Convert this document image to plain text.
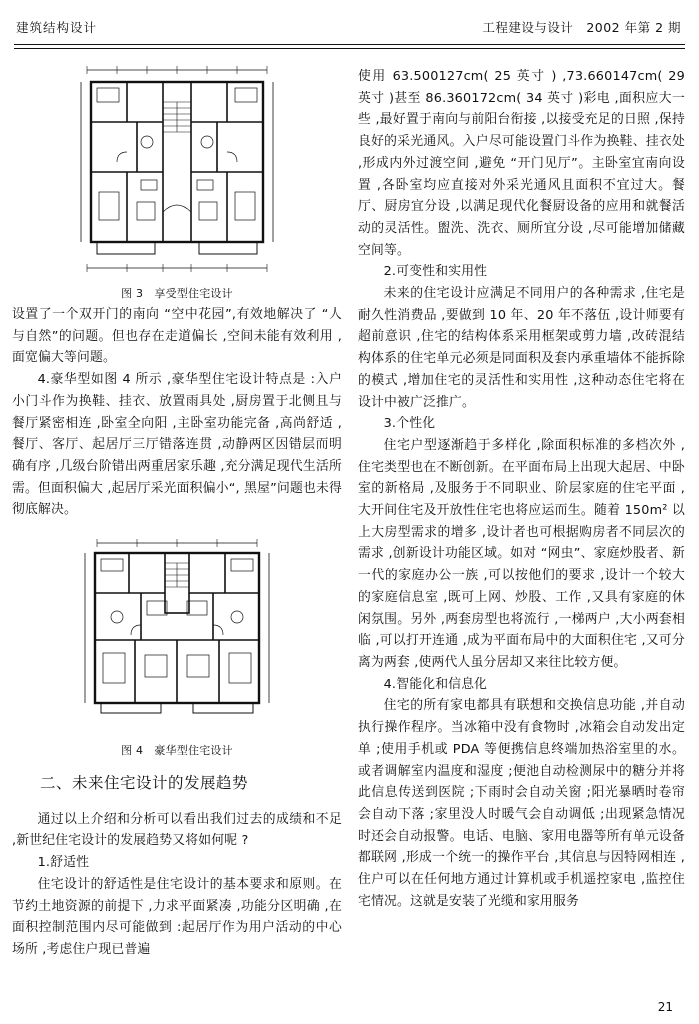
建筑结构设计	工程建设与设计　2002 年第 2 期

图 3　享受型住宅设计

设置了一个双开门的南向 “空中花园”,有效地解决了 “人与自然”的问题。但也存在走道偏长 ,空间未能有效利用 ,面宽偏大等问题。

4.豪华型如图 4 所示 ,豪华型住宅设计特点是 :入户小门斗作为换鞋、挂衣、放置雨具处 ,厨房置于北侧且与餐厅紧密相连 ,卧室全向阳 ,主卧室功能完备 ,高尚舒适 ,餐厅、客厅、起居厅三厅错落连贯 ,动静两区因错层而明确有序 ,几级台阶错出两重居家乐趣 ,充分满足现代生活所需。但面积偏大 ,起居厅采光面积偏小“, 黑屋”问题也未得彻底解决。

图 4　豪华型住宅设计

二、未来住宅设计的发展趋势

通过以上介绍和分析可以看出我们过去的成绩和不足 ,新世纪住宅设计的发展趋势又将如何呢 ?

1.舒适性

住宅设计的舒适性是住宅设计的基本要求和原则。在节约土地资源的前提下 ,力求平面紧凑 ,功能分区明确 ,在面积控制范围内尽可能做到 :起居厅作为用户活动的中心场所 ,考虑住户现已普遍

使用 63.500127cm( 25 英寸 ) ,73.660147cm( 29 英寸 )甚至 86.360172cm( 34 英寸 )彩电 ,面积应大一些 ,最好置于南向与前阳台衔接 ,以接受充足的日照 ,保持良好的采光通风。入户尽可能设置门斗作为换鞋、挂衣处 ,形成内外过渡空间 ,避免 “开门见厅”。主卧室宜南向设置 ,各卧室均应直接对外采光通风且面积不宜过大。餐厅、厨房宜分设 ,以满足现代化餐厨设备的应用和就餐活动的灵活性。盥洗、洗衣、厕所宜分设 ,尽可能增加储藏空间等。

2.可变性和实用性

未来的住宅设计应满足不同用户的各种需求 ,住宅是耐久性消费品 ,要做到 10 年、20 年不落伍 ,设计师要有超前意识 ,住宅的结构体系采用框架或剪力墙 ,改砖混结构体系的住宅单元必须是同面积及套内承重墙体不能拆除的模式 ,增加住宅的灵活性和实用性 ,这种动态住宅将在设计中被广泛推广。

3.个性化

住宅户型逐渐趋于多样化 ,除面积标准的多档次外 ,住宅类型也在不断创新。在平面布局上出现大起居、中卧室的新格局 ,及服务于不同职业、阶层家庭的住宅平面 ,大开间住宅及开放性住宅也将应运而生。随着 150m² 以上大房型需求的增多 ,设计者也可根据购房者不同层次的需求 ,创新设计功能区域。如对 “网虫”、家庭炒股者、新一代的家庭办公一族 ,可以按他们的要求 ,设计一个较大的家庭信息室 ,既可上网、炒股、工作 ,又具有家庭的休闲氛围。另外 ,两套房型也将流行 ,一梯两户 ,大小两套相临 ,可以打开连通 ,成为平面布局中的大面积住宅 ,又可分离为两套 ,使两代人虽分居却又来往比较方便。

4.智能化和信息化

住宅的所有家电都具有联想和交换信息功能 ,并自动执行操作程序。当冰箱中没有食物时 ,冰箱会自动发出定单 ;使用手机或 PDA 等便携信息终端加热浴室里的水。或者调解室内温度和湿度 ;便池自动检测尿中的糖分并将此信息传送到医院 ;下雨时会自动关窗 ;阳光暴晒时卷帘会自动下落 ;家里没人时暖气会自动调低 ;出现紧急情况时还会自动报警。电话、电脑、家用电器等所有单元设备都联网 ,形成一个统一的操作平台 ,其信息与因特网相连 ,住户可以在任何地方通过计算机或手机遥控家电 ,监控住宅情况。这就是安装了光缆和家用服务

21
